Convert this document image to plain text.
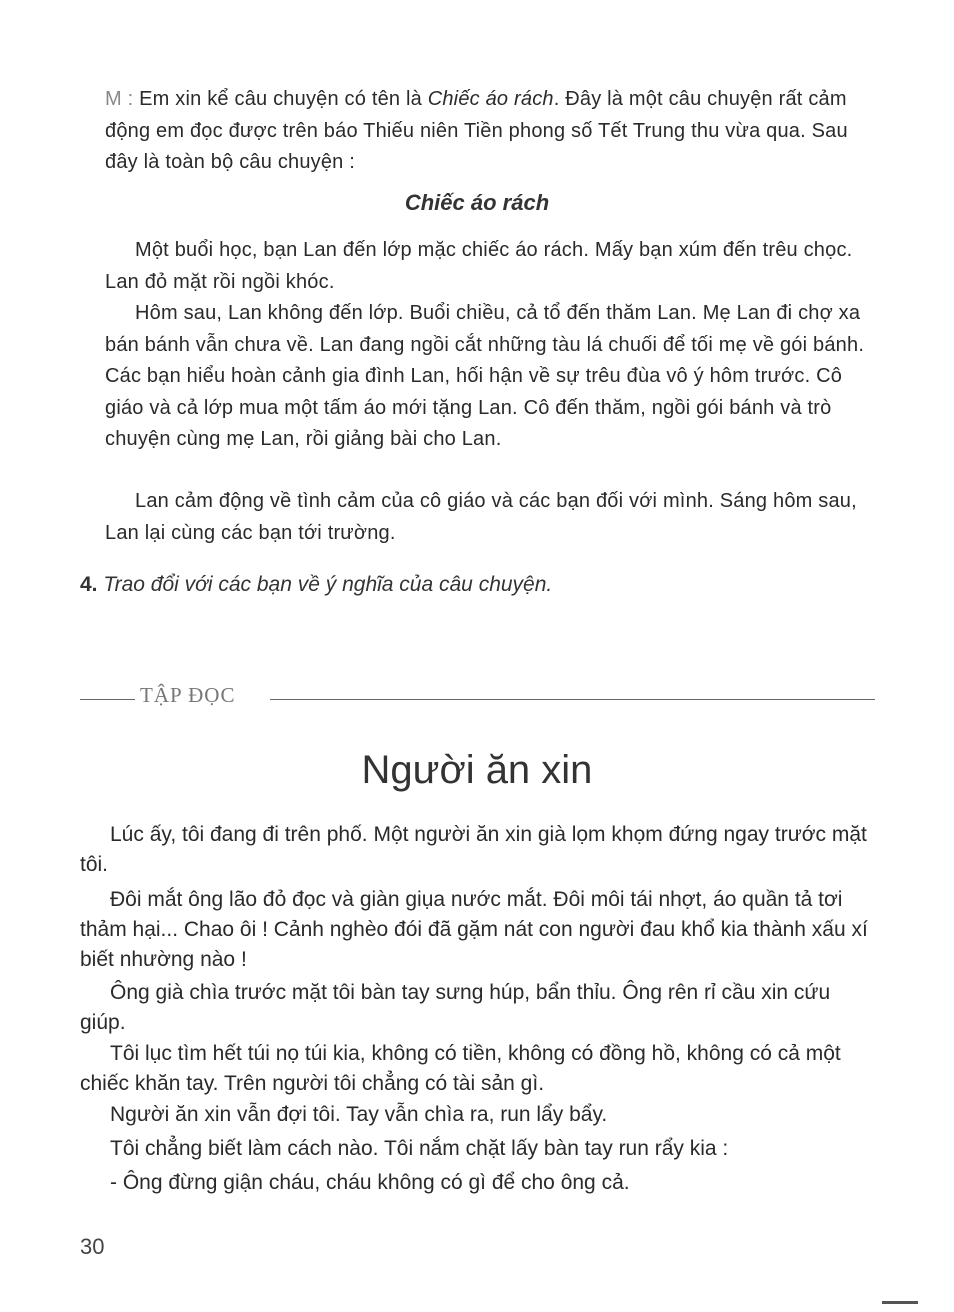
M : Em xin kể câu chuyện có tên là Chiếc áo rách. Đây là một câu chuyện rất cảm động em đọc được trên báo Thiếu niên Tiền phong số Tết Trung thu vừa qua. Sau đây là toàn bộ câu chuyện :
Chiếc áo rách
Một buổi học, bạn Lan đến lớp mặc chiếc áo rách. Mấy bạn xúm đến trêu chọc. Lan đỏ mặt rồi ngồi khóc.
Hôm sau, Lan không đến lớp. Buổi chiều, cả tổ đến thăm Lan. Mẹ Lan đi chợ xa bán bánh vẫn chưa về. Lan đang ngồi cắt những tàu lá chuối để tối mẹ về gói bánh. Các bạn hiểu hoàn cảnh gia đình Lan, hối hận về sự trêu đùa vô ý hôm trước. Cô giáo và cả lớp mua một tấm áo mới tặng Lan. Cô đến thăm, ngồi gói bánh và trò chuyện cùng mẹ Lan, rồi giảng bài cho Lan.
Lan cảm động về tình cảm của cô giáo và các bạn đối với mình. Sáng hôm sau, Lan lại cùng các bạn tới trường.
4. Trao đổi với các bạn về ý nghĩa của câu chuyện.
TẬP ĐỌC
Người ăn xin
Lúc ấy, tôi đang đi trên phố. Một người ăn xin già lọm khọm đứng ngay trước mặt tôi.
Đôi mắt ông lão đỏ đọc và giàn giụa nước mắt. Đôi môi tái nhợt, áo quần tả tơi thảm hại... Chao ôi ! Cảnh nghèo đói đã gặm nát con người đau khổ kia thành xấu xí biết nhường nào !
Ông già chìa trước mặt tôi bàn tay sưng húp, bẩn thỉu. Ông rên rỉ cầu xin cứu giúp.
Tôi lục tìm hết túi nọ túi kia, không có tiền, không có đồng hồ, không có cả một chiếc khăn tay. Trên người tôi chẳng có tài sản gì.
Người ăn xin vẫn đợi tôi. Tay vẫn chìa ra, run lẩy bẩy.
Tôi chẳng biết làm cách nào. Tôi nắm chặt lấy bàn tay run rẩy kia :
- Ông đừng giận cháu, cháu không có gì để cho ông cả.
30
